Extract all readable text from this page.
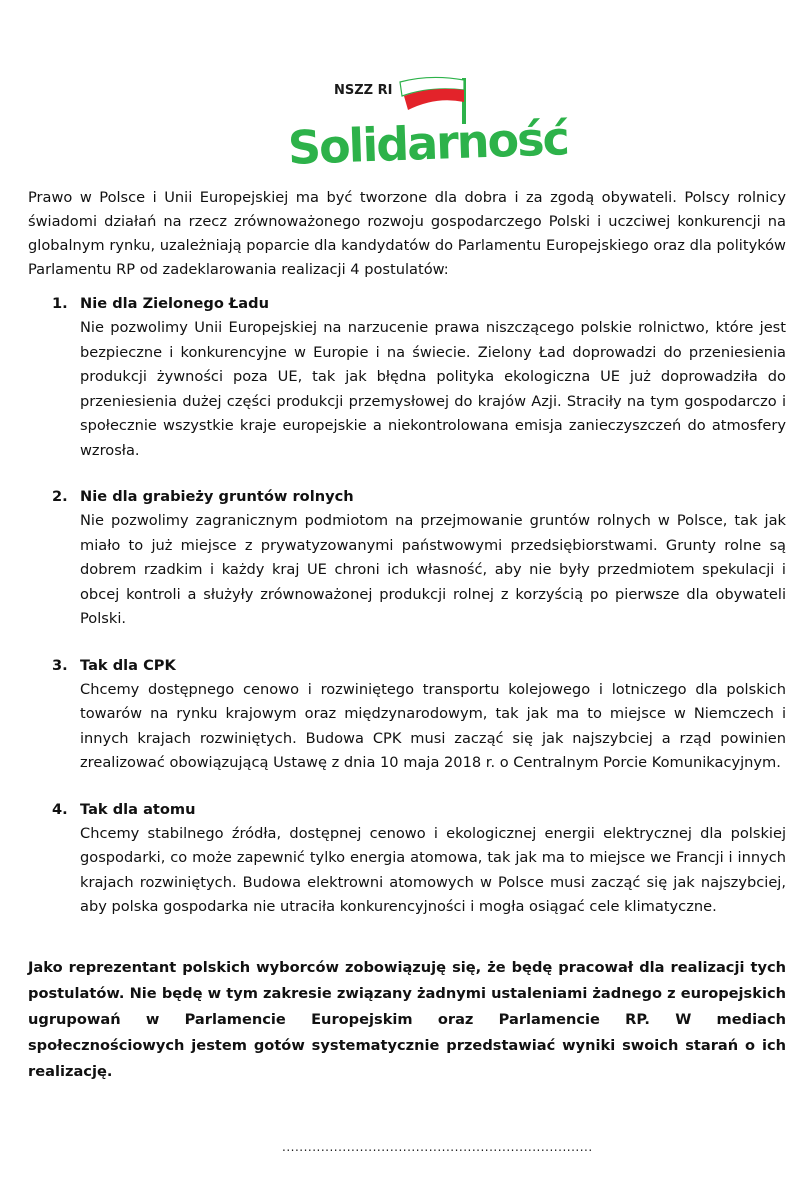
NSZZ RI
Solidarność

Prawo w Polsce i Unii Europejskiej ma być tworzone dla dobra i za zgodą obywateli. Polscy rolnicy świadomi działań na rzecz zrównoważonego rozwoju gospodarczego Polski i uczciwej konkurencji na globalnym rynku, uzależniają poparcie dla kandydatów do Parlamentu Europejskiego oraz dla polityków Parlamentu RP od zadeklarowania realizacji 4 postulatów:

1. Nie dla Zielonego Ładu

Nie pozwolimy Unii Europejskiej na narzucenie prawa niszczącego polskie rolnictwo, które jest bezpieczne i konkurencyjne w Europie i na świecie. Zielony Ład doprowadzi do przeniesienia produkcji żywności poza UE, tak jak błędna polityka ekologiczna UE już doprowadziła do przeniesienia dużej części produkcji przemysłowej do krajów Azji. Straciły na tym gospodarczo i społecznie wszystkie kraje europejskie a niekontrolowana emisja zanieczyszczeń do atmosfery wzrosła.

2. Nie dla grabieży gruntów rolnych

Nie pozwolimy zagranicznym podmiotom na przejmowanie gruntów rolnych w Polsce, tak jak miało to już miejsce z prywatyzowanymi państwowymi przedsiębiorstwami. Grunty rolne są dobrem rzadkim i każdy kraj UE chroni ich własność, aby nie były przedmiotem spekulacji i obcej kontroli a służyły zrównoważonej produkcji rolnej z korzyścią po pierwsze dla obywateli Polski.

3. Tak dla CPK

Chcemy dostępnego cenowo i rozwiniętego transportu kolejowego i lotniczego dla polskich towarów na rynku krajowym oraz międzynarodowym, tak jak ma to miejsce w Niemczech i innych krajach rozwiniętych. Budowa CPK musi zacząć się jak najszybciej a rząd powinien zrealizować obowiązującą Ustawę z dnia 10 maja 2018 r. o Centralnym Porcie Komunikacyjnym.

4. Tak dla atomu

Chcemy stabilnego źródła, dostępnej cenowo i ekologicznej energii elektrycznej dla polskiej gospodarki, co może zapewnić tylko energia atomowa, tak jak ma to miejsce we Francji i innych krajach rozwiniętych. Budowa elektrowni atomowych w Polsce musi zacząć się jak najszybciej, aby polska gospodarka nie utraciła konkurencyjności i mogła osiągać cele klimatyczne.

Jako reprezentant polskich wyborców zobowiązuję się, że będę pracował dla realizacji tych postulatów. Nie będę w tym zakresie związany żadnymi ustaleniami żadnego z europejskich ugrupowań w Parlamencie Europejskim oraz Parlamencie RP. W mediach społecznościowych jestem gotów systematycznie przedstawiać wyniki swoich starań o ich realizację.

........................................................................
